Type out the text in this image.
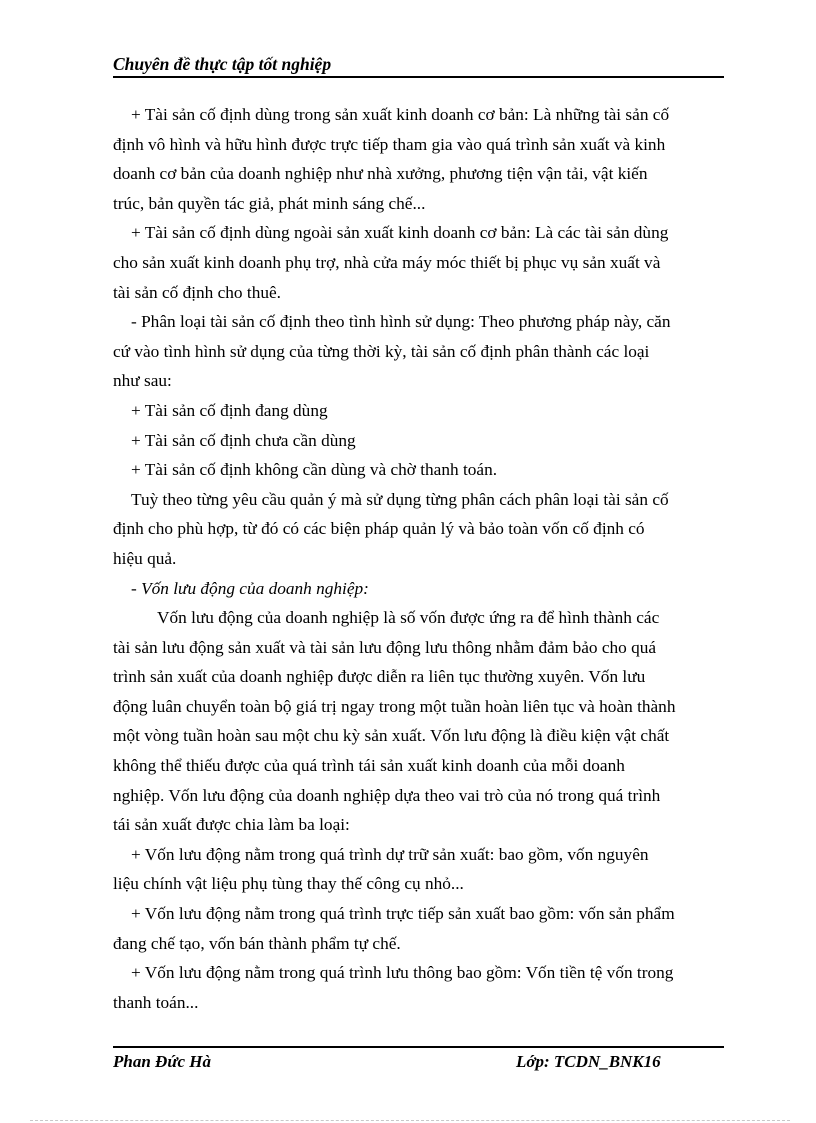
Chuyên đề thực tập tốt nghiệp

+ Tài sản cố định dùng trong sản xuất kinh doanh cơ bản: Là những tài sản cố
định vô hình và hữu hình được trực tiếp tham gia vào quá trình sản xuất và kinh
doanh cơ bản của doanh nghiệp như nhà xưởng, phương tiện vận tải, vật kiến
trúc, bản quyền tác giả, phát minh sáng chế...

+ Tài sản cố định dùng ngoài sản xuất kinh doanh cơ bản: Là các tài sản dùng
cho sản xuất kinh doanh phụ trợ, nhà cửa máy móc thiết bị phục vụ sản xuất và
tài sản cố định cho thuê.

- Phân loại tài sản cố định theo tình hình sử dụng: Theo phương pháp này, căn
cứ vào tình hình sử dụng của từng thời kỳ, tài sản cố định phân thành các loại
như sau:

+ Tài sản cố định đang dùng

+ Tài sản cố định chưa cần dùng

+ Tài sản cố định không cần dùng và chờ thanh toán.

Tuỳ theo từng yêu cầu quản ý mà sử dụng từng phân cách phân loại tài sản cố
định cho phù hợp, từ đó có các biện pháp quản lý và bảo toàn vốn cố định có
hiệu quả.

- Vốn lưu động của doanh nghiệp:

Vốn lưu động của doanh nghiệp là số vốn được ứng ra để hình thành các
tài sản lưu động sản xuất và tài sản lưu động lưu thông nhằm đảm bảo cho quá
trình sản xuất của doanh nghiệp được diễn ra liên tục thường xuyên. Vốn lưu
động luân chuyển toàn bộ giá trị ngay trong một tuần hoàn liên tục và hoàn thành
một vòng tuần hoàn sau một chu kỳ sản xuất. Vốn lưu động là điều kiện vật chất
không thể thiếu được của quá trình tái sản xuất kinh doanh của mỗi doanh
nghiệp. Vốn lưu động của doanh nghiệp dựa theo vai trò của nó trong quá trình
tái sản xuất được chia làm ba loại:

+ Vốn lưu động nằm trong quá trình dự trữ sản xuất: bao gồm, vốn nguyên
liệu chính vật liệu phụ tùng thay thế công cụ nhỏ...

+ Vốn lưu động nằm trong quá trình trực tiếp sản xuất bao gồm: vốn sản phẩm
đang chế tạo, vốn bán thành phẩm tự chế.

+ Vốn lưu động nằm trong quá trình lưu thông bao gồm: Vốn tiền tệ vốn trong
thanh toán...

Phan Đức Hà	Lớp: TCDN_BNK16
